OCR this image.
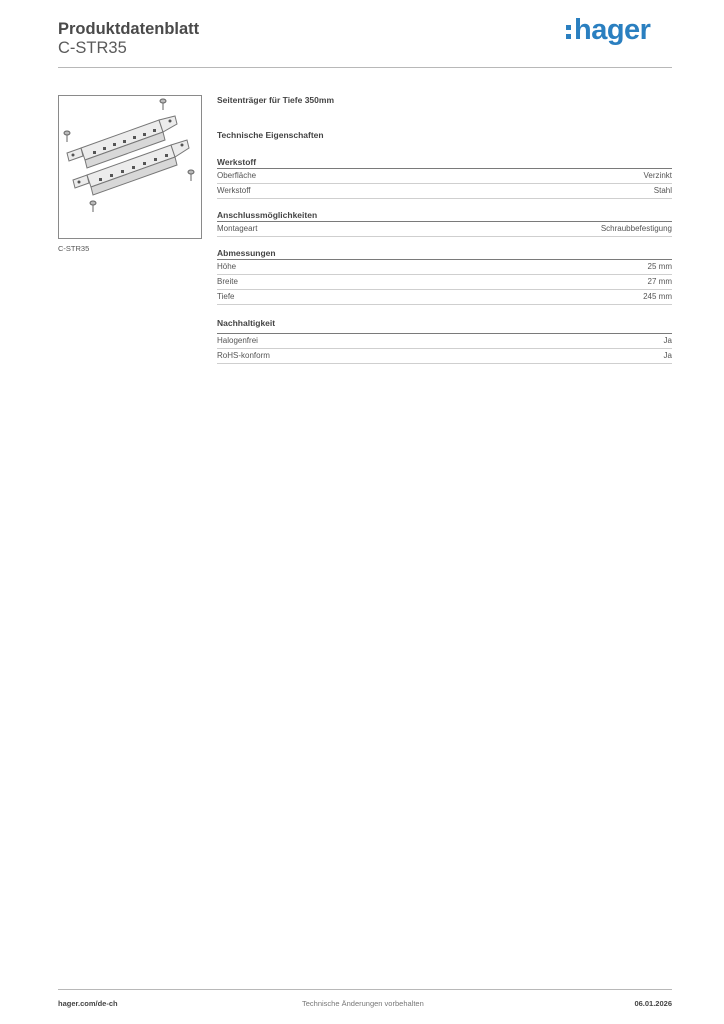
Produktdatenblatt
C-STR35
hager
C-STR35
Seitenträger für Tiefe 350mm
Technische Eigenschaften
Werkstoff
Oberfläche	Verzinkt
Werkstoff	Stahl
Anschlussmöglichkeiten
Montageart	Schraubbefestigung
Abmessungen
Höhe	25 mm
Breite	27 mm
Tiefe	245 mm
Nachhaltigkeit
Halogenfrei	Ja
RoHS-konform	Ja
hager.com/de-ch	Technische Änderungen vorbehalten	06.01.2026
